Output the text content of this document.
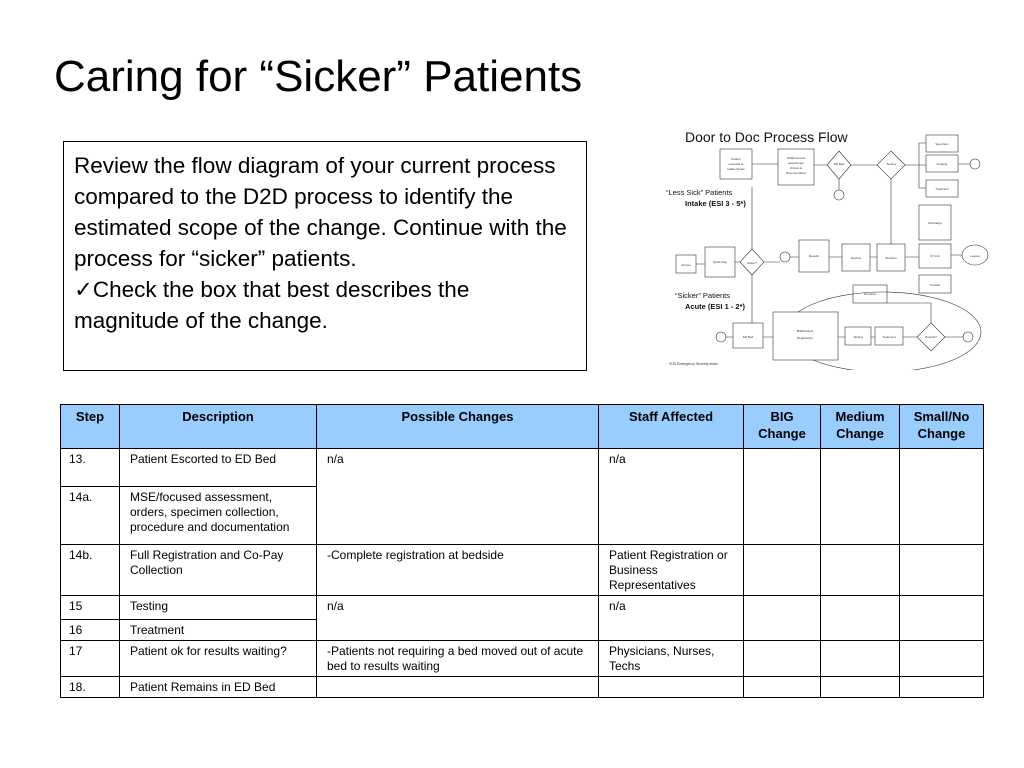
Caring for “Sicker” Patients

Review the flow diagram of your current process compared to the D2D process to identify the estimated scope of the change. Continue with the process for “sicker” patients.

✓Check the box that best describes the magnitude of the change.

Patient
escorted to
Intake Space
MSE focused
assessment
Orders &
Documentation
ED Bed	Testing
Specimen
Imaging
Treatment
Arrives
Quick Reg	Sicker?
Results	Review	Decision
Discharge
IP Unit
Transfer
Leaves
Remains
ED Bed
MSE/Orders
Registration	Testing	Treatment	Results?
Door to Doc Process Flow
“Less Sick” Patients
Intake (ESI 3 - 5*)
“Sicker” Patients
Acute (ESI 1 - 2*)
*ESI-Emergency Severity Index
Step	Description	Possible Changes	Staff Affected	BIG Change	Medium Change	Small/No Change
13.	Patient Escorted to ED Bed	n/a	n/a			
14a.	MSE/focused assessment, orders, specimen collection, procedure and documentation					
14b.	Full Registration and Co-Pay Collection	-Complete registration at bedside	Patient Registration or Business Representatives			
15	Testing	n/a	n/a			
16	Treatment					
17	Patient ok for results waiting?	-Patients not requiring a bed moved out of acute bed to results waiting	Physicians, Nurses, Techs			
18.	Patient Remains in ED Bed					
